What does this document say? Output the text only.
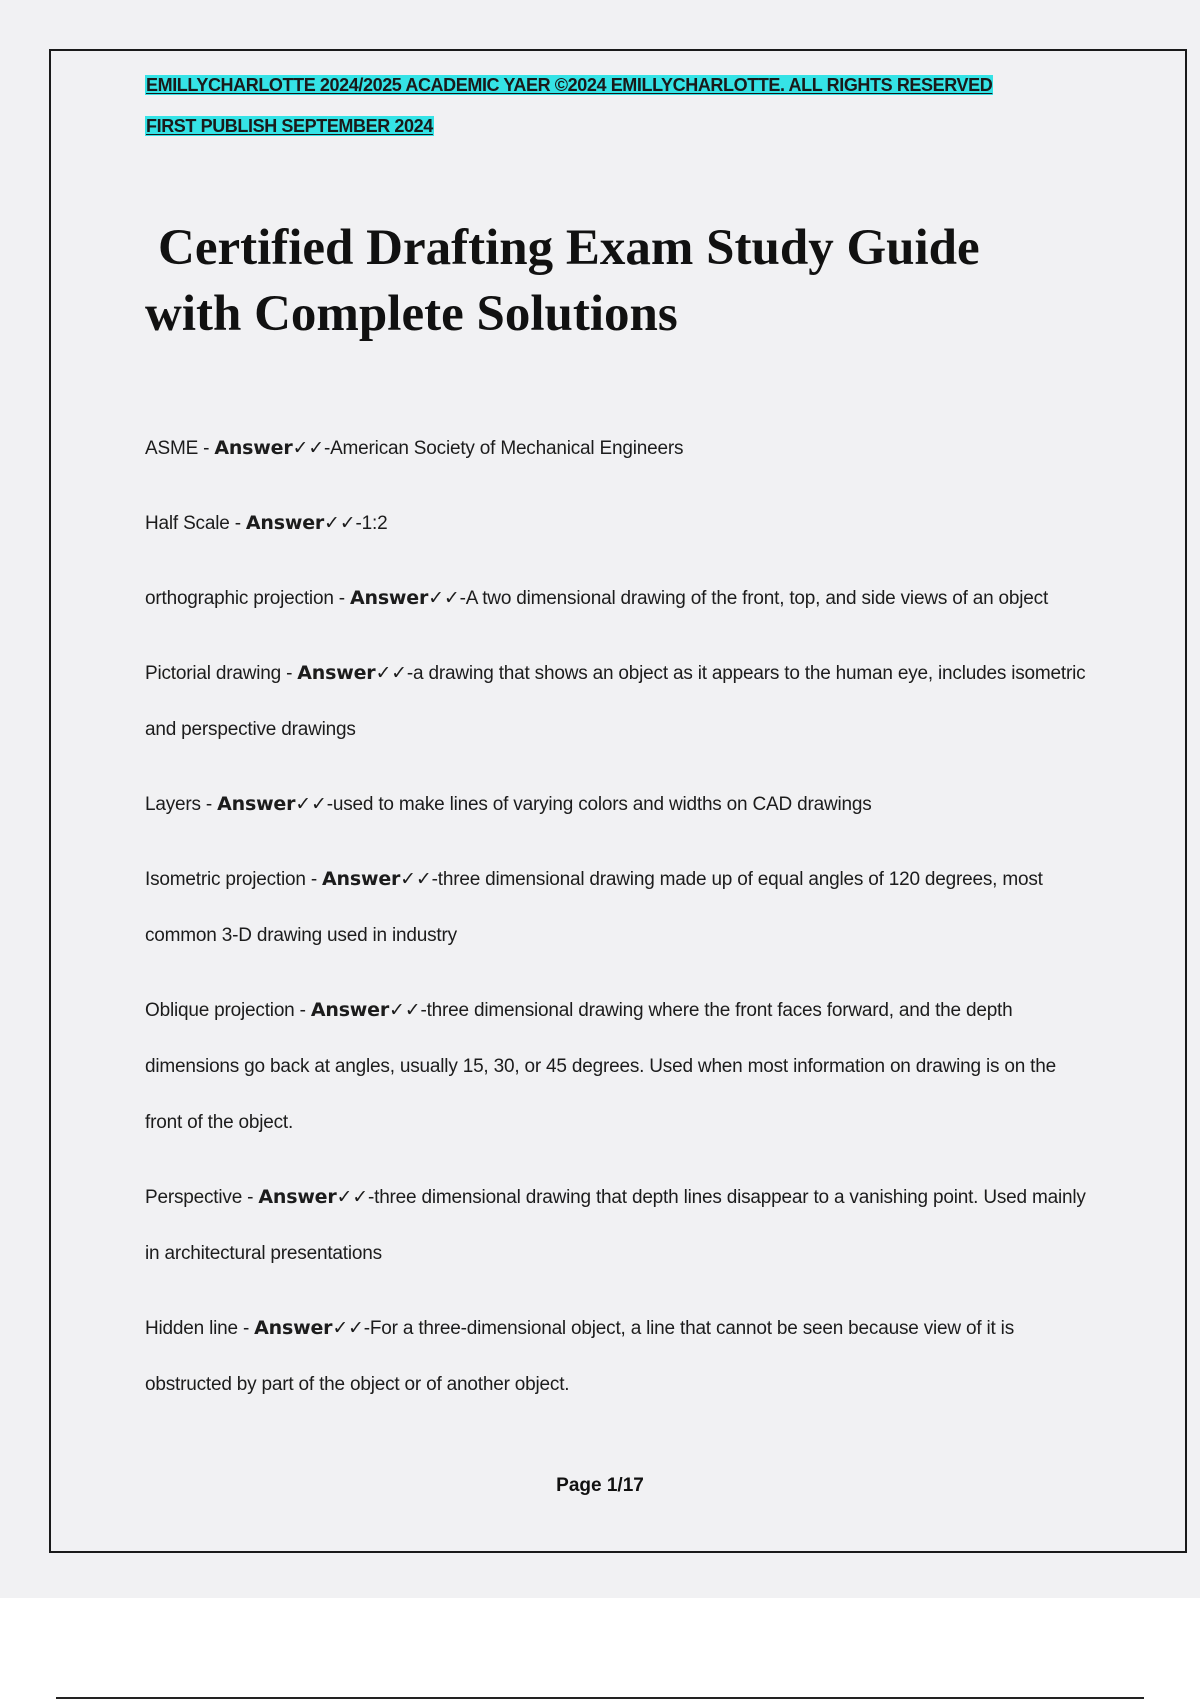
EMILLYCHARLOTTE 2024/2025 ACADEMIC YAER ©2024 EMILLYCHARLOTTE. ALL RIGHTS RESERVED

FIRST PUBLISH SEPTEMBER 2024

Certified Drafting Exam Study Guide
with Complete Solutions
ASME - Answer✓✓-American Society of Mechanical Engineers
Half Scale - Answer✓✓-1:2
orthographic projection - Answer✓✓-A two dimensional drawing of the front, top, and side views of an object
Pictorial drawing - Answer✓✓-a drawing that shows an object as it appears to the human eye, includes isometric and perspective drawings
Layers - Answer✓✓-used to make lines of varying colors and widths on CAD drawings
Isometric projection - Answer✓✓-three dimensional drawing made up of equal angles of 120 degrees, most common 3-D drawing used in industry
Oblique projection - Answer✓✓-three dimensional drawing where the front faces forward, and the depth dimensions go back at angles, usually 15, 30, or 45 degrees. Used when most information on drawing is on the front of the object.
Perspective - Answer✓✓-three dimensional drawing that depth lines disappear to a vanishing point. Used mainly in architectural presentations
Hidden line - Answer✓✓-For a three-dimensional object, a line that cannot be seen because view of it is obstructed by part of the object or of another object.

Page 1/17
